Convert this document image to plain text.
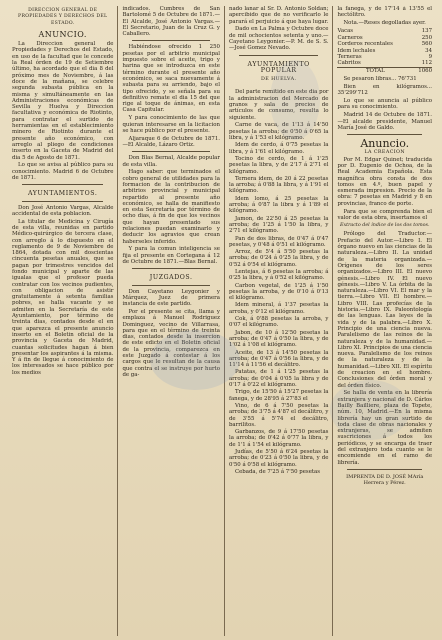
DIRECCION GENERAL DE PROPIEDADES Y DERECHOS DEL ESTADO.
ANUNCIO.

La Direccion general de Propiedades y Derechos del Estado, en uso de la facultad que le concede la Real órden de 19 de Setiembre último, ha acordado que el dia 8 del próximo mes de Noviembre, á las doce de la mañana, se celebre segunda subasta pública en la misma y simultáneamente en las Administraciones económicas de Sevilla y Huelva y Direccion facultativa y económica de Riotinto, para contratar el surtido de herramientas en el establecimiento minero de Riotinto durante el presente año económico, con arreglo al pliego de condiciones inserto en la Gaceta de Madrid del dia 5 de Agosto de 1871.

Lo que se avisa al público para su conocimiento. Madrid 6 de Octubre de 1871.

AYUNTAMIENTOS.

Don José Antonio Vargas, Alcalde accidental de esta poblacion.

La titular de Medicina y Cirugía de esta villa, reunidas en partido Médico-quirúrgico de tercera clase, con arreglo á lo dispuesto en el reglamento de 9 de Noviembre de 1864, dotada con mil doscientas cincuenta pesetas anuales, que se pagan por trimestres vencidos del fondo municipal y aparte de las igualas que el profesor pueda contratar con los vecinos pudientes, con obligacion de asistir gratuitamente á setenta familias pobres, se halla vacante y se admiten en la Secretaría de este Ayuntamiento, por término de treinta dias, contados desde el en que aparezca el presente anuncio inserto en el Boletin oficial de la provincia y Gaceta de Madrid, cuantas solicitudes hagan á bien presentar los aspirantes á la misma. Y á fin de llegue á conocimiento de los interesados se hace público por los medios

indicados. Cumbres de San Bartolomé 5 de Octubre de 1871.—El Alcalde, José Antonio Vargas.—El Secretario, Juan de la Cruz G. y Caballero.

Habiéndose ofrecido 1 250 pesetas por el arbitrio municipal impuesto sobre el aceite, trigo y harina que se introduzca en este término durante el presente año económico, se saca nuevamente á subasta para su arriendo, bajo el tipo ofrecido, y se señala para su definitivo remate el dia 15 del que rige al toque de ánimas, en esta Casa Capitular.

Y para conocimiento de las que quieran interesarse en la licitacion se hace público por el presente.

Aljaraque 6 de Octubre de 1871.—El Alcalde, Lázaro Ortiz.

Don Blas Bernal, Alcalde popular de esta villa.

Hago saber: que terminados el cobro general de utilidades para la formacion de la contribucion de arbitrios provincial y municipal repartido al presente año económico, se halla de manifiesto en esta Secretaría por término de ocho dias, á fin de que los vecinos que hayan presentado sus relaciones puedan examinarlo y deducir los agravios que crean haberseles inferido.

Y para la comun inteligencia se fija el presente en Cortegana á 12 de Octubre de 1871.—Blas Bernal.

JUZGADOS.

Don Cayetano Leygonier y Márquez, Juez de primera instancia de este partido.

Por el presente se cita, llama y emplaza á Manuel Rodriguez Dominguez, vecino de Villarrasa, para que en el término de treinta dias, contados desde la insercion de este edicto en el Boletin oficial de la provincia, comparezca en este Juzgado á contestar á los cargos que le resultan de la causa que contra el se instruye por hurto de ga-

nado lanar al Sr. D. Antonio Soldan; apercibido que de no verificarlo le parará el perjuicio á que haya lugar.

Dado en La Palma y Octubre doce de mil ochocientos setenta y uno.—Cayetano Leygonier.—P. M. de S. S.—José Gomez Nevado.

AYUNTAMIENTO POPULAR
DE HUELVA.

Del parte remitido en este dia por la administracion del Mercado de granos y sala de precios de artículos de consumo, resulta lo siguiente.

Carne de vaca, de 1'13 á 14'50 pesetas la arroba; de 0'50 á 0'65 la libra, y á 1'53 el kilógramo.

Idem de cerdo, á 0'75 pesetas la libra, y á 1'61 el kilógramo.

Tocino de cerdo, de 1 á 1'25 pesetas la libra, y de 2'17 á 2'71 el kilógramo.

Ternera idem, de 20 á 22 pesetas la arroba; á 0'88 la libra, y á 1'91 el kilógramo.

Idem lomo, á 25 pesetas la arroba; á 0'87 la libra y á 1'89 el kilógramo.

Jamon, de 22'50 á 25 pesetas la arroba; de 1'25 á 1'50 la libra, y 2'71 el kilógramo.

Pan de dos libras, de 0'47 á 0'47 pesetas, y 0'48 á 0'51 el kilógramo.

Arroz, de 5'4 á 5'50 pesetas la arroba; de 0'24 á 0'25 la libra, y de 0'52 á 0'54 el kilógramo.

Lentejas, á 6 pesetas la arroba; á 0'25 la libra, y á 0'52 el kilógramo.

Carbon vegetal, de 1'25 á 1'50 pesetas la arroba, y de 0'10 á 0'13 el kilógramo.

Idem mineral, á 1'37 pesetas la arroba, y 0'12 el kilógramo.

Cok, á 0'88 pesetas la arroba, y 0'07 el kilógramo.

Jabon, de 10 á 12'50 pesetas la arroba; de 0'47 á 0'50 la libra, y de 1'02 á 1'08 el kilógramo.

Aceite, de 13 á 14'50 pesetas la arroba; de 0'47 á 0'56 la libra, y de 11'14 á 11'56 el decálitro.

Patatas, de 1 á 1'25 pesetas la arroba; de 0'04 á 0'05 la libra y de 0'17 á 0'22 el kilógramo.

Trigo, de 15'50 á 15'27 pesetas la fanega, y de 28'95 á 27'83 el

Vino, de 6 á 7'50 pesetas la arroba; de 3'75 á 4'87 el decálitro, y de 3'55 á 5'74 el decálitro, barrilitos.

Garbanzos, de 9 á 17'50 pesetas la arroba; de 0'42 á 0'77 la libra, y de 1'1 á 1'54 el kilógramo.

Judías, de 5'50 á 6'24 pesetas la arroba; de 0'23 á 0'50 la libra, y de 0'50 á 0'58 el kilógramo.

Cebada, de 7'25 á 7'50 pesetas

la fanega, y de 17'14 á 13'55 el hectólitro.

Nota.—Reses degolladas ayer.

Vacas	137
Carneros	250
Corderos recentales	560
Idem lechales	34
Terneras	9
Cabritos	112
TOTAL	1060

Se pesaron libras... 76'731

Bien en kilógramos... 35'299'712

Lo que se anuncia al público para su conocimiento.

Madrid 14 de Octubre de 1871.—El alcalde presidente, Manuel María José de Galdo.

Anuncio.
LA CREACION

Por M. Edgar Quinet; traducida por D. Eugenio de Ochoa, de la Real Academia Española. Esta magnífica obra consta de dos tomos en 4.º, buen papel y esmerada impresion. Precio de la obra: 7 pesetas en Madrid y 8 en provincias, franco de porte.

Para que se comprenda bien el valor de esta obra, insertamos el

Extracto del índice de los dos tomos.

Prólogo del Traductor.—Prefacio del Autor.—Libro I. El órgano nuevo en las ciencias de la naturaleza.—Libro II. La unidad de la materia organizada.—Orígenes de los seres organizados.—Libro III. El nuevo génesis.—Libro IV. El nuevo génesis.—Libro V. La órbita de la naturaleza.—Libro VI. El mar y la tierra.—Libro VII. El hombre.—Libro VIII. Las profecías de la historia.—Libro IX. Paleontología de las lenguas. Las leyes de la vida y de la palabra.—Libro X. Principio de una ciencia nueva. Paralelismo de las reinos de la naturaleza y de la humanidad.—Libro XI. Principios de una ciencia nueva. Paralelismo de los reinos de la naturaleza y de la humanidad.—Libro XII. El espíritu de creacion en el hombre. Conclusiones del órden moral y del órden físico.

Se halla de venta en la librería extranjera y nacional de D. Cárlos Bailly Bailliere, plaza de Topete, núm. 10, Madrid.—En la misma librería hay un gran surtido de toda clase de obras nacionales y extranjeras, se admiten suscriciones á todos los periódicos, y se encarga de traer del extranjero toda cuanto se le encomiende en el ramo de librería.

IMPRENTA DE D. JOSÉ MAría Herrera y Pérez.
